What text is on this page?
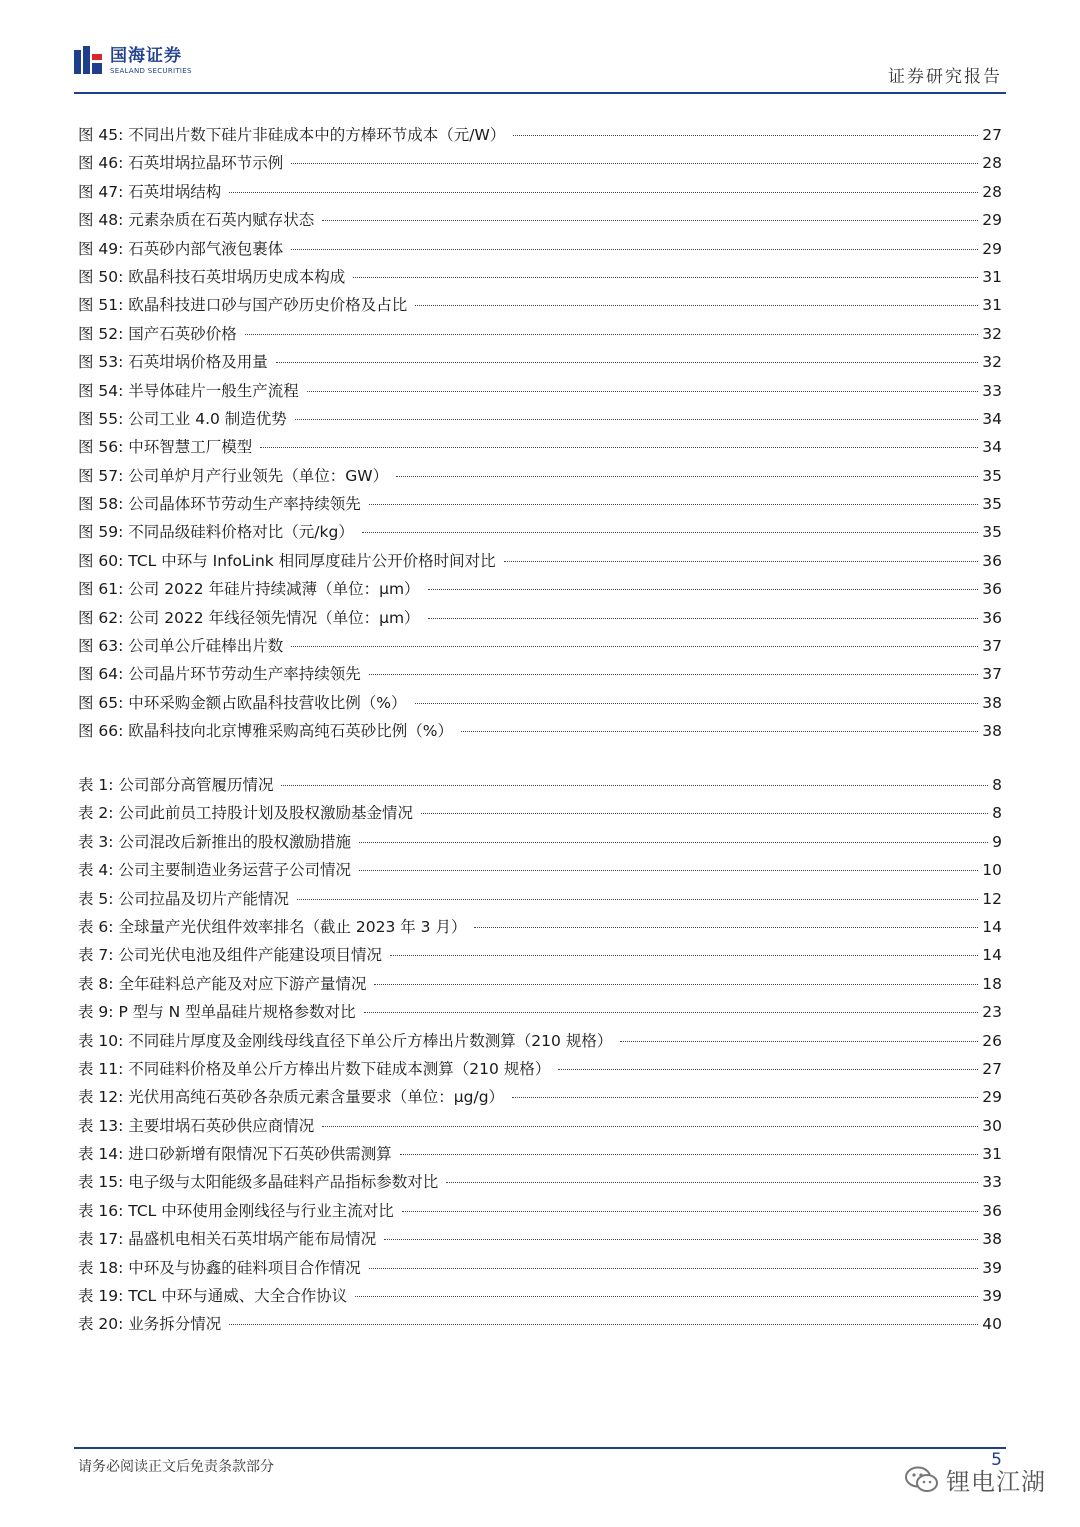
国海证券
SEALAND SECURITIES	证券研究报告
图 45: 不同出片数下硅片非硅成本中的方棒环节成本（元/W）	27
图 46: 石英坩埚拉晶环节示例	28
图 47: 石英坩埚结构	28
图 48: 元素杂质在石英内赋存状态	29
图 49: 石英砂内部气液包裹体	29
图 50: 欧晶科技石英坩埚历史成本构成	31
图 51: 欧晶科技进口砂与国产砂历史价格及占比	31
图 52: 国产石英砂价格	32
图 53: 石英坩埚价格及用量	32
图 54: 半导体硅片一般生产流程	33
图 55: 公司工业 4.0 制造优势	34
图 56: 中环智慧工厂模型	34
图 57: 公司单炉月产行业领先（单位：GW）	35
图 58: 公司晶体环节劳动生产率持续领先	35
图 59: 不同品级硅料价格对比（元/kg）	35
图 60: TCL 中环与 InfoLink 相同厚度硅片公开价格时间对比	36
图 61: 公司 2022 年硅片持续减薄（单位：μm）	36
图 62: 公司 2022 年线径领先情况（单位：μm）	36
图 63: 公司单公斤硅棒出片数	37
图 64: 公司晶片环节劳动生产率持续领先	37
图 65: 中环采购金额占欧晶科技营收比例（%）	38
图 66: 欧晶科技向北京博雅采购高纯石英砂比例（%）	38
表 1: 公司部分高管履历情况	8
表 2: 公司此前员工持股计划及股权激励基金情况	8
表 3: 公司混改后新推出的股权激励措施	9
表 4: 公司主要制造业务运营子公司情况	10
表 5: 公司拉晶及切片产能情况	12
表 6: 全球量产光伏组件效率排名（截止 2023 年 3 月）	14
表 7: 公司光伏电池及组件产能建设项目情况	14
表 8: 全年硅料总产能及对应下游产量情况	18
表 9: P 型与 N 型单晶硅片规格参数对比	23
表 10: 不同硅片厚度及金刚线母线直径下单公斤方棒出片数测算（210 规格）	26
表 11: 不同硅料价格及单公斤方棒出片数下硅成本测算（210 规格）	27
表 12: 光伏用高纯石英砂各杂质元素含量要求（单位：μg/g）	29
表 13: 主要坩埚石英砂供应商情况	30
表 14: 进口砂新增有限情况下石英砂供需测算	31
表 15: 电子级与太阳能级多晶硅料产品指标参数对比	33
表 16: TCL 中环使用金刚线径与行业主流对比	36
表 17: 晶盛机电相关石英坩埚产能布局情况	38
表 18: 中环及与协鑫的硅料项目合作情况	39
表 19: TCL 中环与通威、大全合作协议	39
表 20: 业务拆分情况	40
请务必阅读正文后免责条款部分	5
锂电江湖
